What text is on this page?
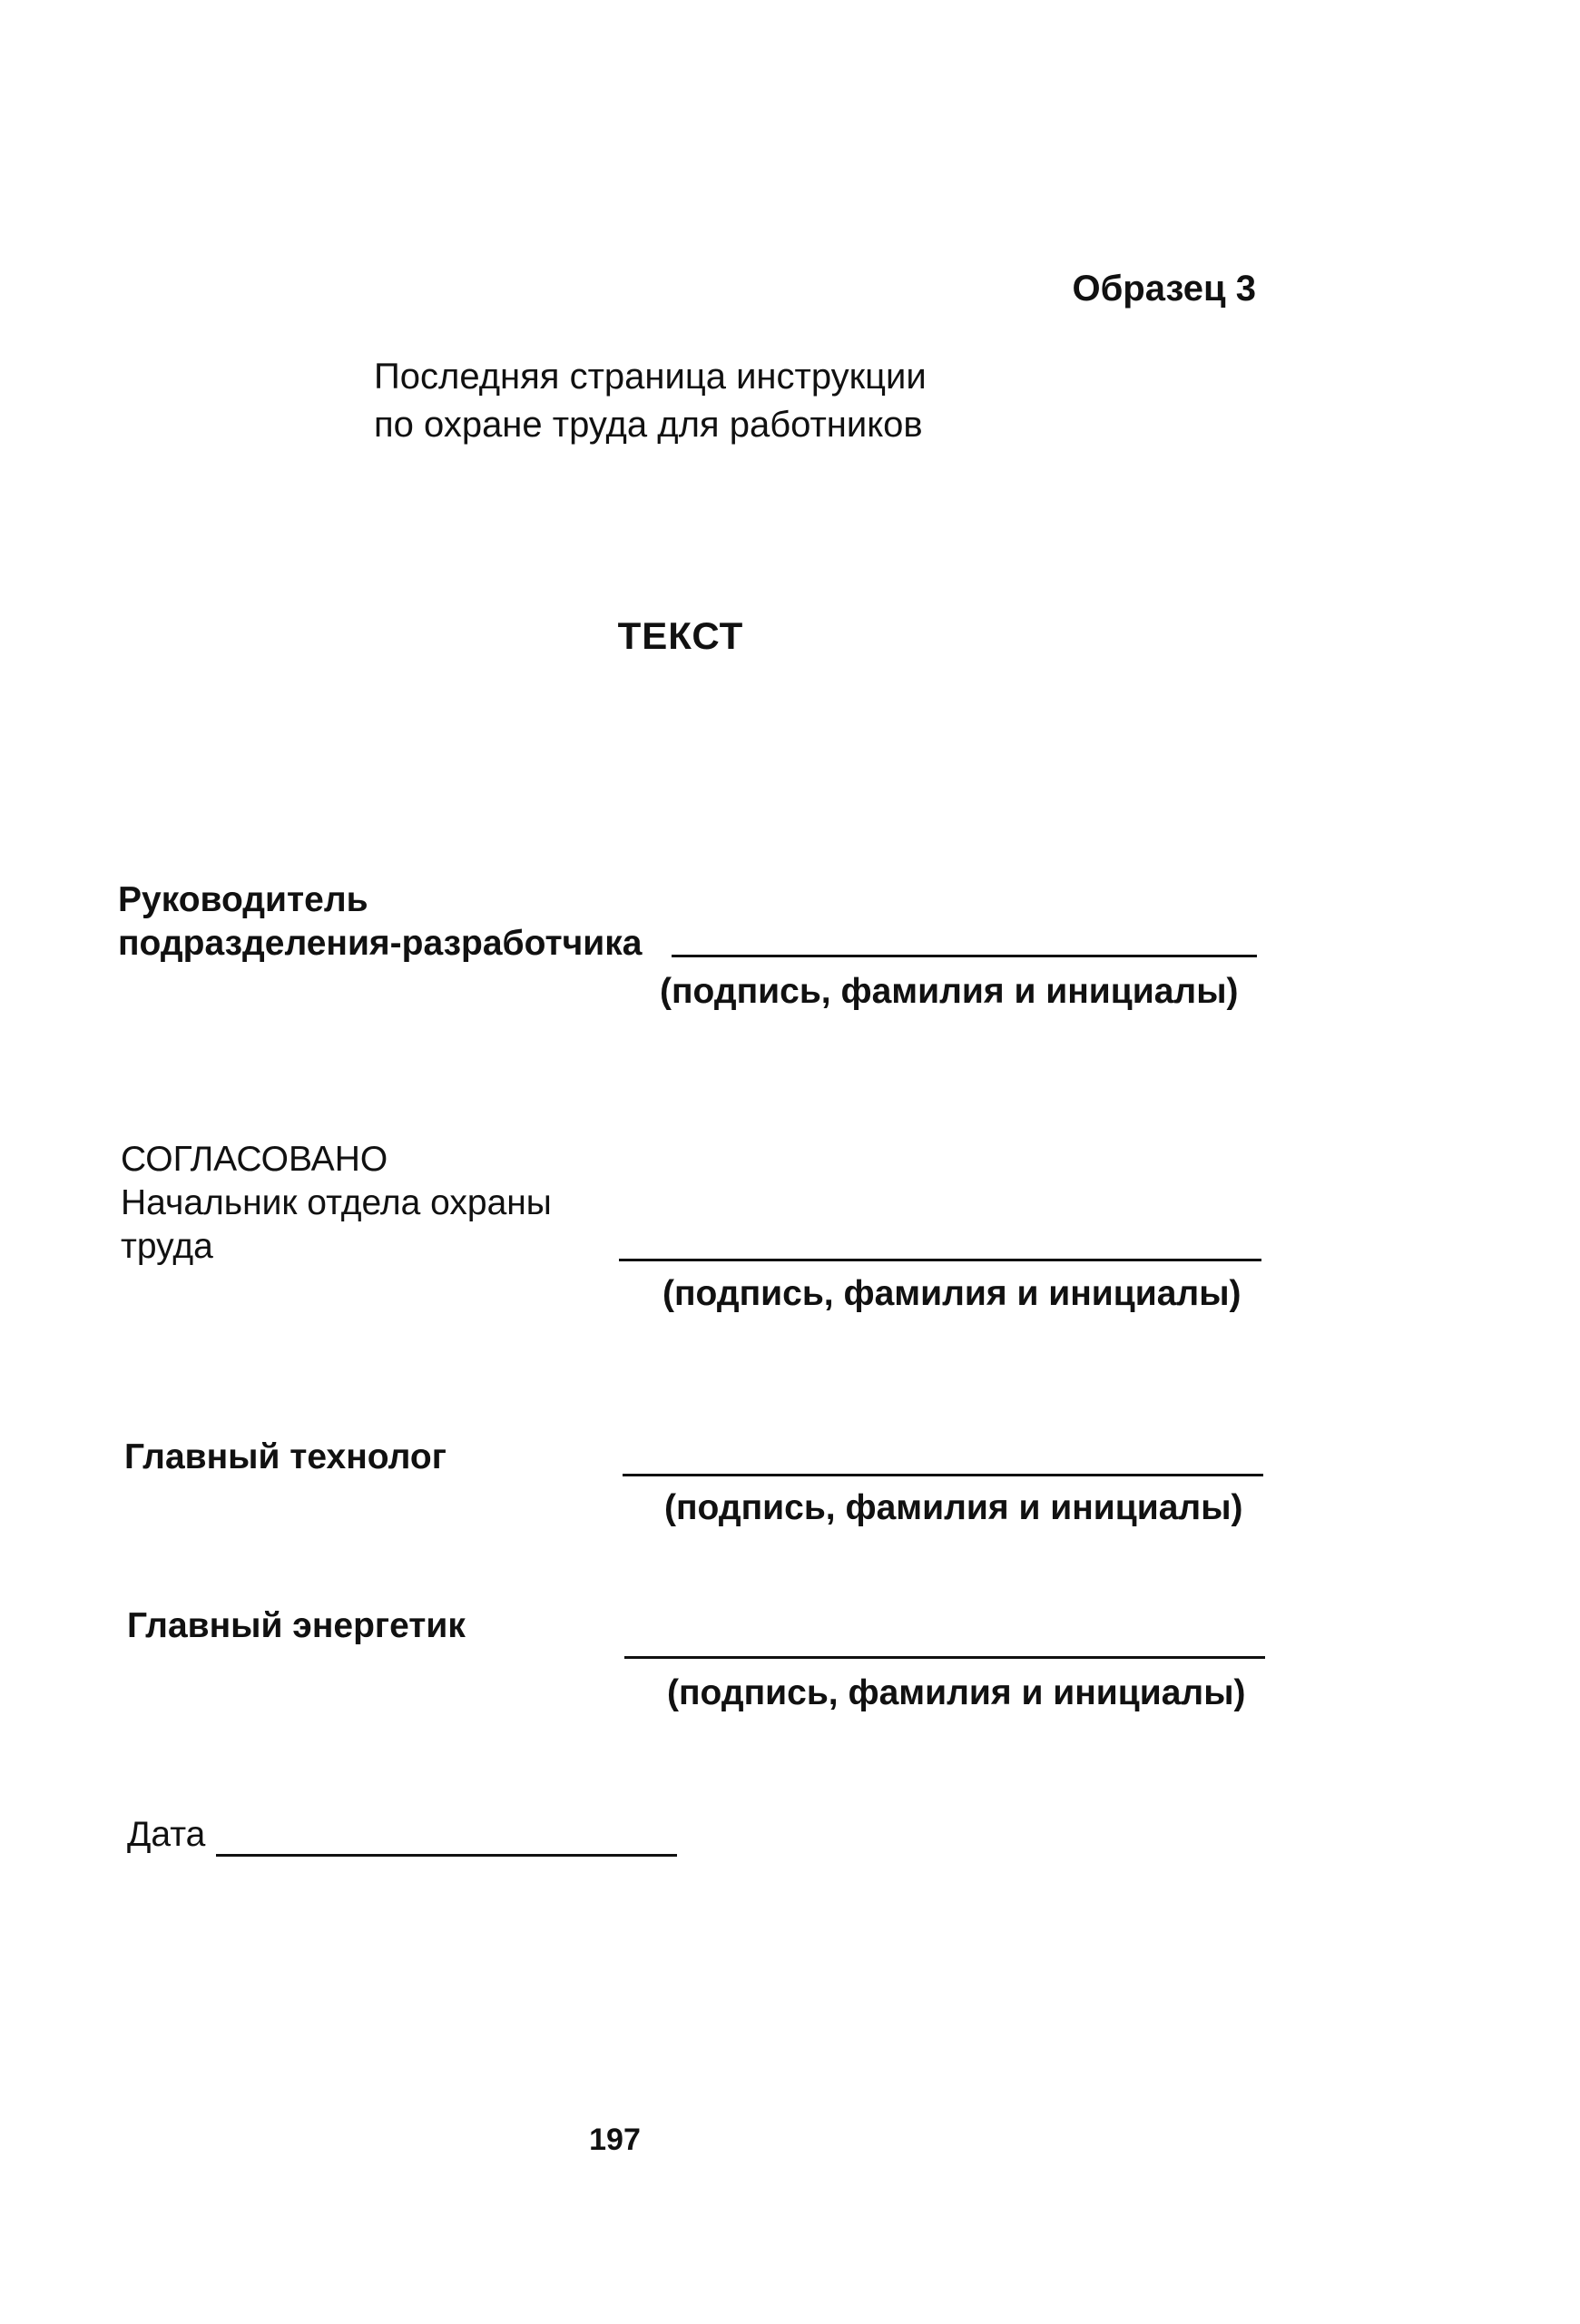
Образец 3
Последняя страница инструкции
по охране труда для работников
ТЕКСТ
Руководитель
подразделения-разработчика
(подпись, фамилия и инициалы)
СОГЛАСОВАНО
Начальник отдела охраны
труда
(подпись, фамилия и инициалы)
Главный технолог
(подпись, фамилия и инициалы)
Главный энергетик
(подпись, фамилия и инициалы)
Дата
197
